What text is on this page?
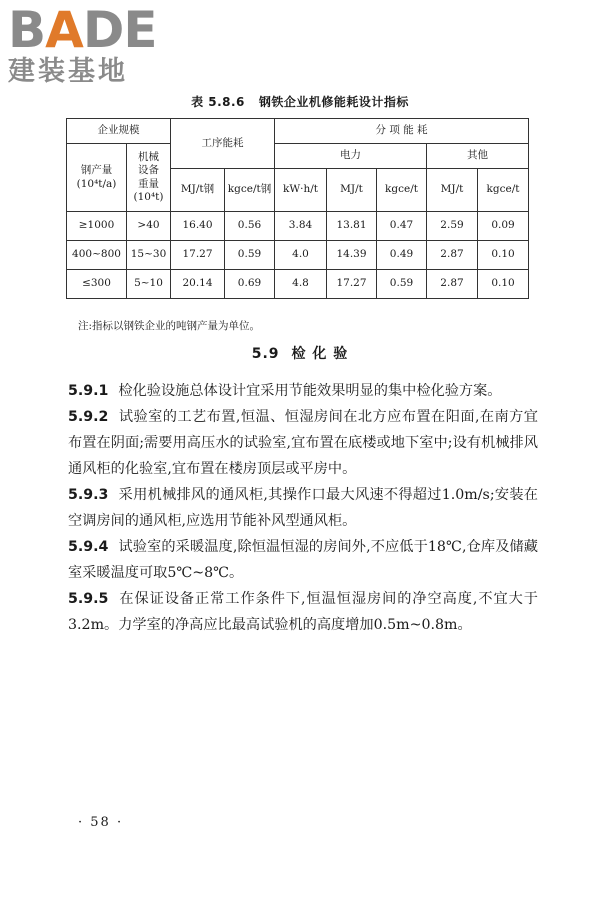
BADE
建装基地
表 5.8.6 钢铁企业机修能耗设计指标
企业规模		工序能耗		分 项 能 耗				

钢产量
(10⁴t/a)	机械
设备
重量
(10⁴t)			电力			其他	
		MJ/t钢	kgce/t钢	kW·h/t	MJ/t	kgce/t	MJ/t	kgce/t
≥1000	>40	16.40	0.56	3.84	13.81	0.47	2.59	0.09
400~800	15~30	17.27	0.59	4.0	14.39	0.49	2.87	0.10
≤300	5~10	20.14	0.69	4.8	17.27	0.59	2.87	0.10
注:指标以钢铁企业的吨钢产量为单位。
5.9 检 化 验

5.9.1 检化验设施总体设计宜采用节能效果明显的集中检化验方案。

5.9.2 试验室的工艺布置,恒温、恒湿房间在北方应布置在阳面,在南方宜布置在阴面;需要用高压水的试验室,宜布置在底楼或地下室中;设有机械排风通风柜的化验室,宜布置在楼房顶层或平房中。

5.9.3 采用机械排风的通风柜,其操作口最大风速不得超过1.0m/s;安装在空调房间的通风柜,应选用节能补风型通风柜。

5.9.4 试验室的采暖温度,除恒温恒湿的房间外,不应低于18℃,仓库及储藏室采暖温度可取5℃~8℃。

5.9.5 在保证设备正常工作条件下,恒温恒湿房间的净空高度,不宜大于3.2m。力学室的净高应比最高试验机的高度增加0.5m~0.8m。

· 58 ·
